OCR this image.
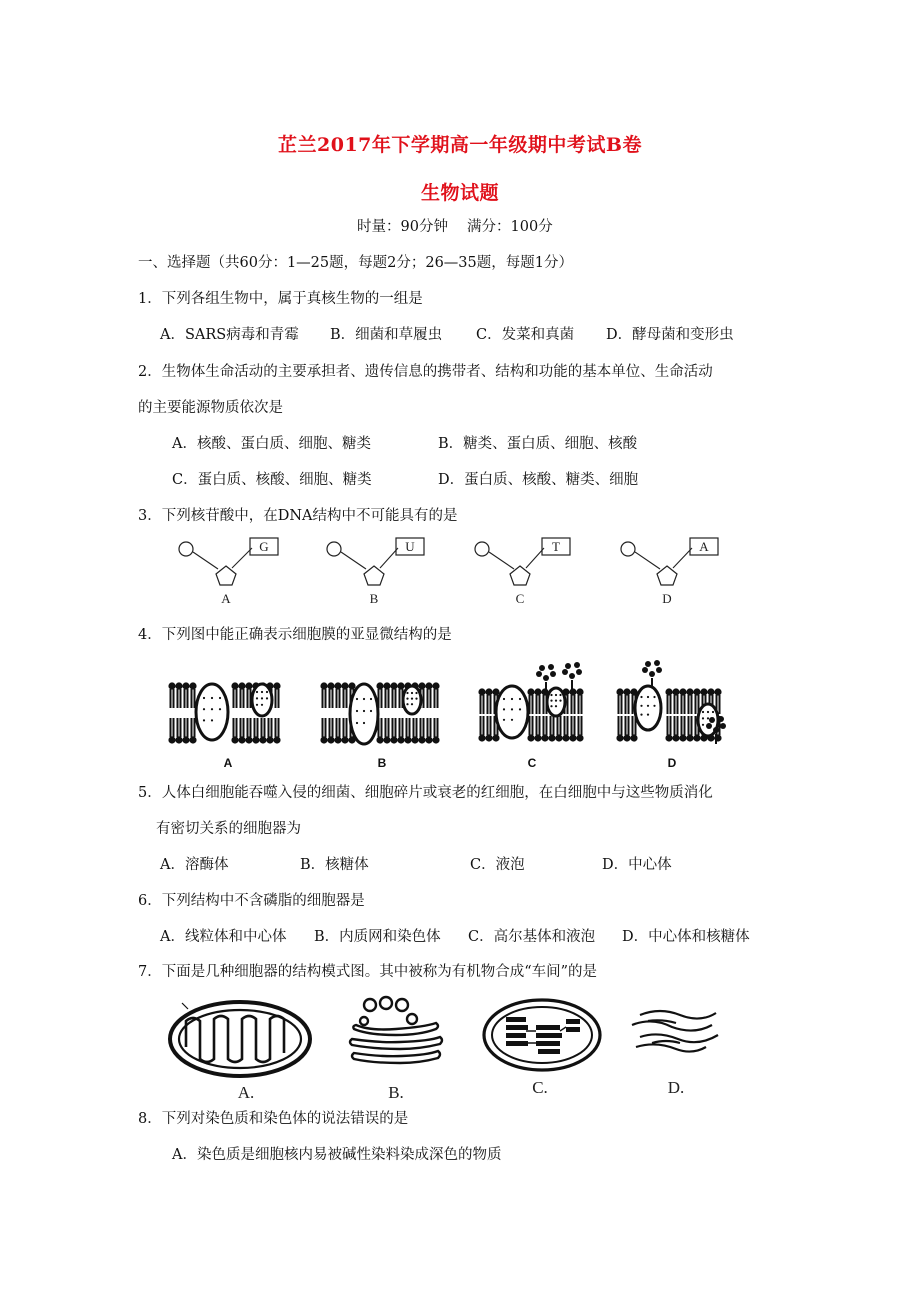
芷兰2017年下学期高一年级期中考试B卷
生物试题
时量：90分钟　 满分：100分
一、选择题（共60分：1—25题，每题2分；26—35题，每题1分）
1．下列各组生物中，属于真核生物的一组是
A．SARS病毒和青霉 B．细菌和草履虫 C．发菜和真菌 D．酵母菌和变形虫
2．生物体生命活动的主要承担者、遗传信息的携带者、结构和功能的基本单位、生命活动
的主要能源物质依次是
A．核酸、蛋白质、细胞、糖类	B．糖类、蛋白质、细胞、核酸
C．蛋白质、核酸、细胞、糖类	D．蛋白质、核酸、糖类、细胞
3．下列核苷酸中，在DNA结构中不可能具有的是
G
A
U
B
T
C
A
D
4．下列图中能正确表示细胞膜的亚显微结构的是
A	B	C	D
5．人体白细胞能吞噬入侵的细菌、细胞碎片或衰老的红细胞，在白细胞中与这些物质消化
有密切关系的细胞器为
A．溶酶体	B．核糖体	C．液泡	D．中心体
6．下列结构中不含磷脂的细胞器是
A．线粒体和中心体 B．内质网和染色体 C．高尔基体和液泡 D．中心体和核糖体
7．下面是几种细胞器的结构模式图。其中被称为有机物合成“车间”的是
A.	B.	C.	D.
8．下列对染色质和染色体的说法错误的是
A．染色质是细胞核内易被碱性染料染成深色的物质
